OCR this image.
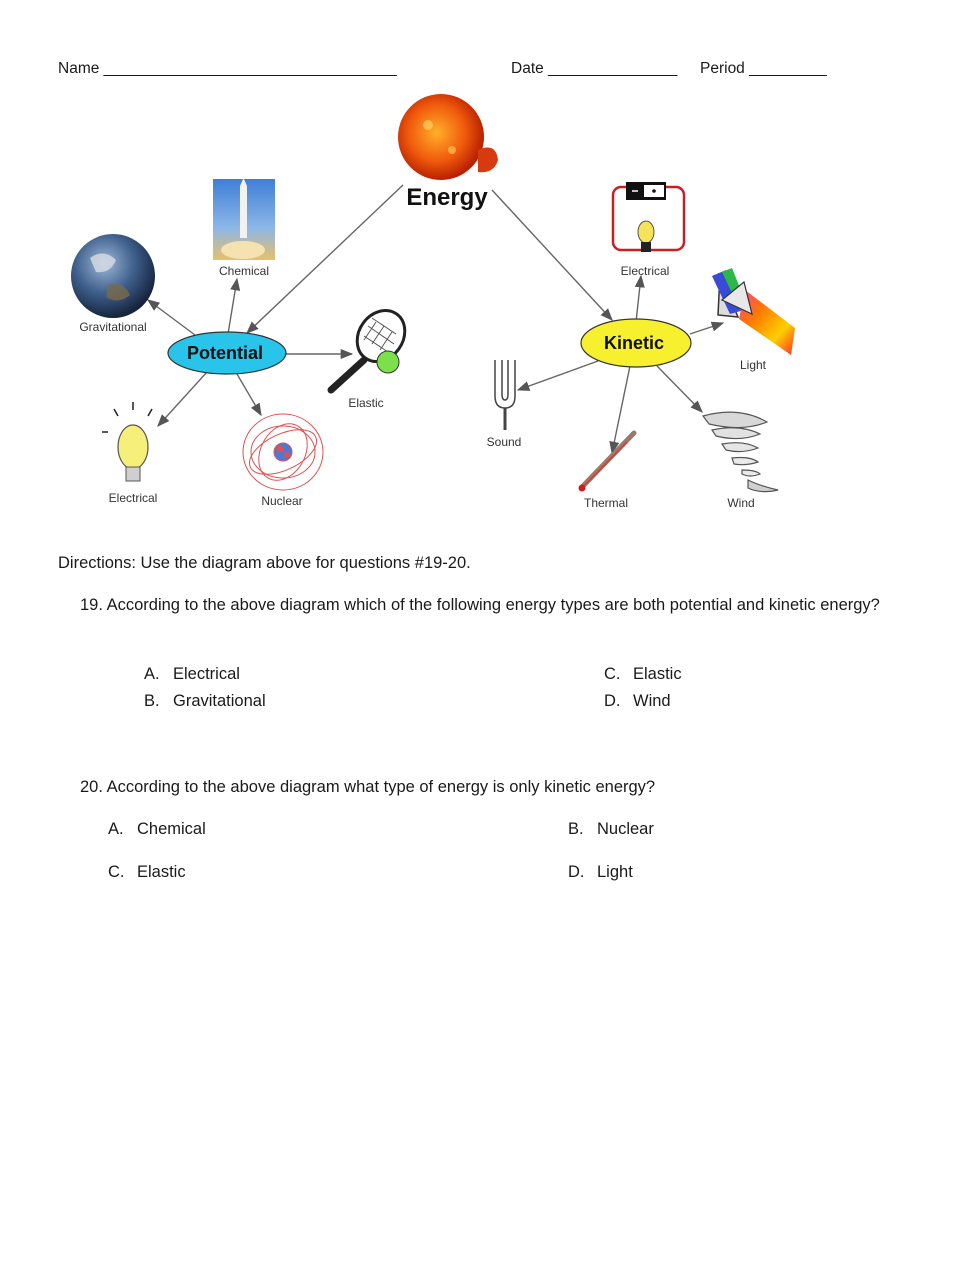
Name __________________________________	Date _______________ Period _________
Energy
Potential	Kinetic
Gravitational
Chemical
Elastic
Electrical	Nuclear
Electrical
Light
Sound
Thermal	Wind
Directions: Use the diagram above for questions #19-20.
19. According to the above diagram which of the following energy types are both potential and kinetic energy?
A. Electrical
B. Gravitational
C. Elastic
D. Wind
20. According to the above diagram what type of energy is only kinetic energy?
A. Chemical	B. Nuclear
C. Elastic	D. Light
